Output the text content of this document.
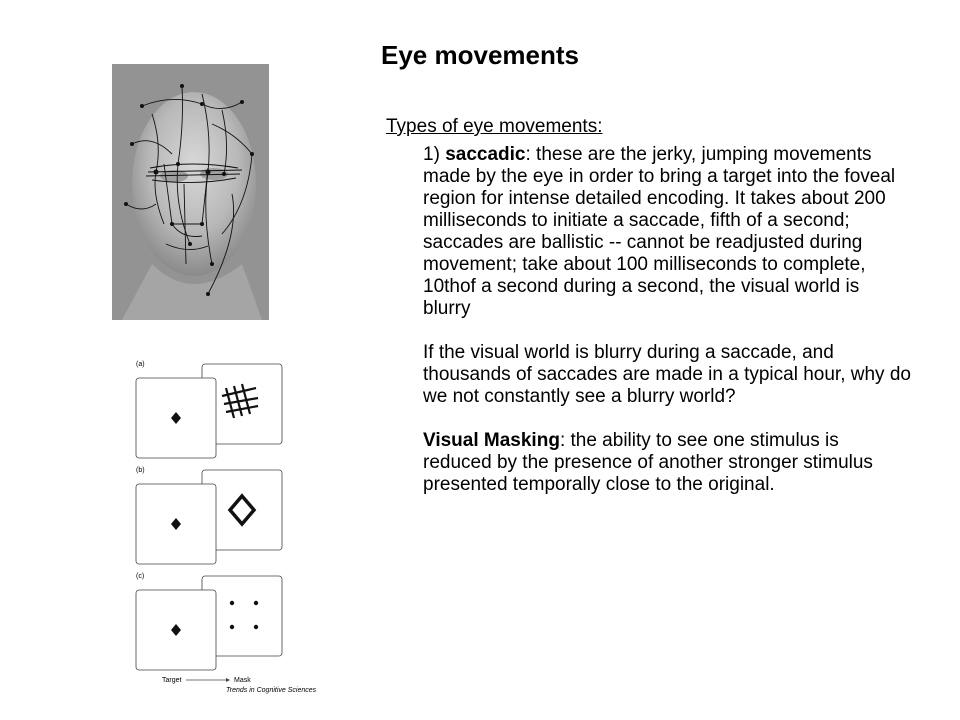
Eye movements
(a)
(b)
(c)
Target	Mask
Trends in Cognitive Sciences
Types of eye movements:
1) saccadic: these are the jerky, jumping movements made by the eye in order to bring a target into the foveal region for intense detailed encoding. It takes about 200 milliseconds to initiate a saccade, fifth of a second; saccades are ballistic -- cannot be readjusted during movement; take about 100 milliseconds to complete, 10thof a second during a second, the visual world is blurry
If the visual world is blurry during a saccade, and thousands of saccades are made in a typical hour, why do we not constantly see a blurry world?
Visual Masking: the ability to see one stimulus is reduced by the presence of another stronger stimulus presented temporally close to the original.
